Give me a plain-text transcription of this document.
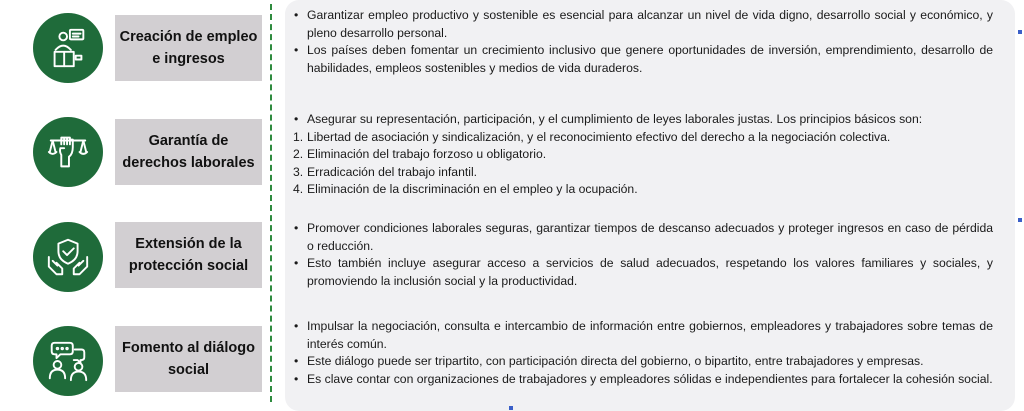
Creación de empleo
e ingresos
• Garantizar empleo productivo y sostenible es esencial para alcanzar un nivel de vida digno, desarrollo social y económico, y pleno desarrollo personal.
• Los países deben fomentar un crecimiento inclusivo que genere oportunidades de inversión, emprendimiento, desarrollo de habilidades, empleos sostenibles y medios de vida duraderos.
Garantía de
derechos laborales
• Asegurar su representación, participación, y el cumplimiento de leyes laborales justas. Los principios básicos son:
1. Libertad de asociación y sindicalización, y el reconocimiento efectivo del derecho a la negociación colectiva.
2. Eliminación del trabajo forzoso u obligatorio.
3. Erradicación del trabajo infantil.
4. Eliminación de la discriminación en el empleo y la ocupación.
Extensión de la
protección social
• Promover condiciones laborales seguras, garantizar tiempos de descanso adecuados y proteger ingresos en caso de pérdida o reducción.
• Esto también incluye asegurar acceso a servicios de salud adecuados, respetando los valores familiares y sociales, y promoviendo la inclusión social y la productividad.
Fomento al diálogo
social
• Impulsar la negociación, consulta e intercambio de información entre gobiernos, empleadores y trabajadores sobre temas de interés común.
• Este diálogo puede ser tripartito, con participación directa del gobierno, o bipartito, entre trabajadores y empresas.
• Es clave contar con organizaciones de trabajadores y empleadores sólidas e independientes para fortalecer la cohesión social.
